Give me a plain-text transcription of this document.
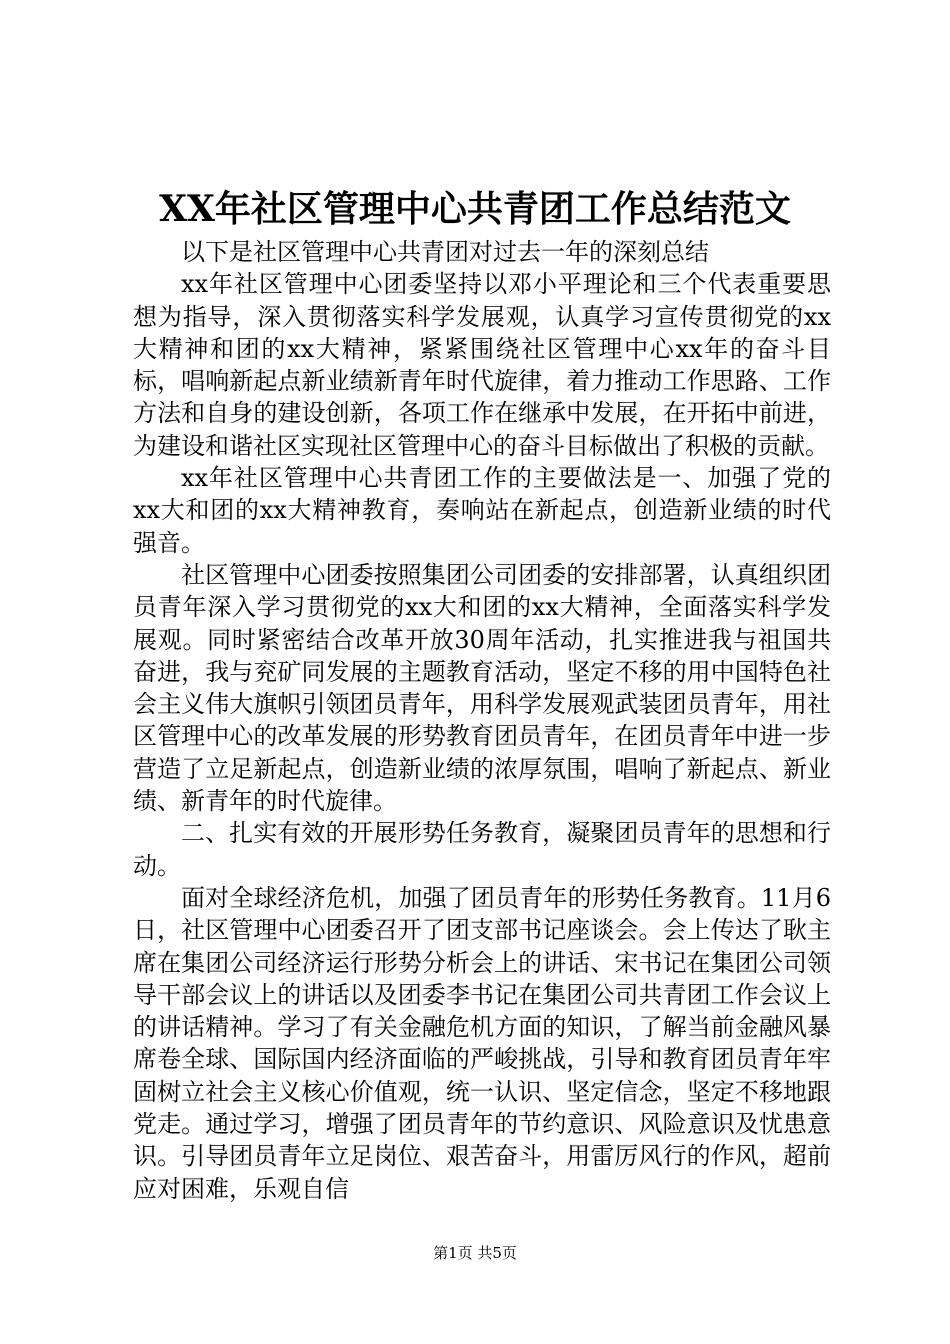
XX年社区管理中心共青团工作总结范文

以下是社区管理中心共青团对过去一年的深刻总结

xx年社区管理中心团委坚持以邓小平理论和三个代表重要思想为指导，深入贯彻落实科学发展观，认真学习宣传贯彻党的xx大精神和团的xx大精神，紧紧围绕社区管理中心xx年的奋斗目标，唱响新起点新业绩新青年时代旋律，着力推动工作思路、工作方法和自身的建设创新，各项工作在继承中发展，在开拓中前进，为建设和谐社区实现社区管理中心的奋斗目标做出了积极的贡献。

xx年社区管理中心共青团工作的主要做法是一、加强了党的xx大和团的xx大精神教育，奏响站在新起点，创造新业绩的时代强音。

社区管理中心团委按照集团公司团委的安排部署，认真组织团员青年深入学习贯彻党的xx大和团的xx大精神，全面落实科学发展观。同时紧密结合改革开放30周年活动，扎实推进我与祖国共奋进，我与兖矿同发展的主题教育活动，坚定不移的用中国特色社会主义伟大旗帜引领团员青年，用科学发展观武装团员青年，用社区管理中心的改革发展的形势教育团员青年，在团员青年中进一步营造了立足新起点，创造新业绩的浓厚氛围，唱响了新起点、新业绩、新青年的时代旋律。

二、扎实有效的开展形势任务教育，凝聚团员青年的思想和行动。

面对全球经济危机，加强了团员青年的形势任务教育。11月6日，社区管理中心团委召开了团支部书记座谈会。会上传达了耿主席在集团公司经济运行形势分析会上的讲话、宋书记在集团公司领导干部会议上的讲话以及团委李书记在集团公司共青团工作会议上的讲话精神。学习了有关金融危机方面的知识，了解当前金融风暴席卷全球、国际国内经济面临的严峻挑战，引导和教育团员青年牢固树立社会主义核心价值观，统一认识、坚定信念，坚定不移地跟党走。通过学习，增强了团员青年的节约意识、风险意识及忧患意识。引导团员青年立足岗位、艰苦奋斗，用雷厉风行的作风，超前应对困难，乐观自信

第1页 共5页
